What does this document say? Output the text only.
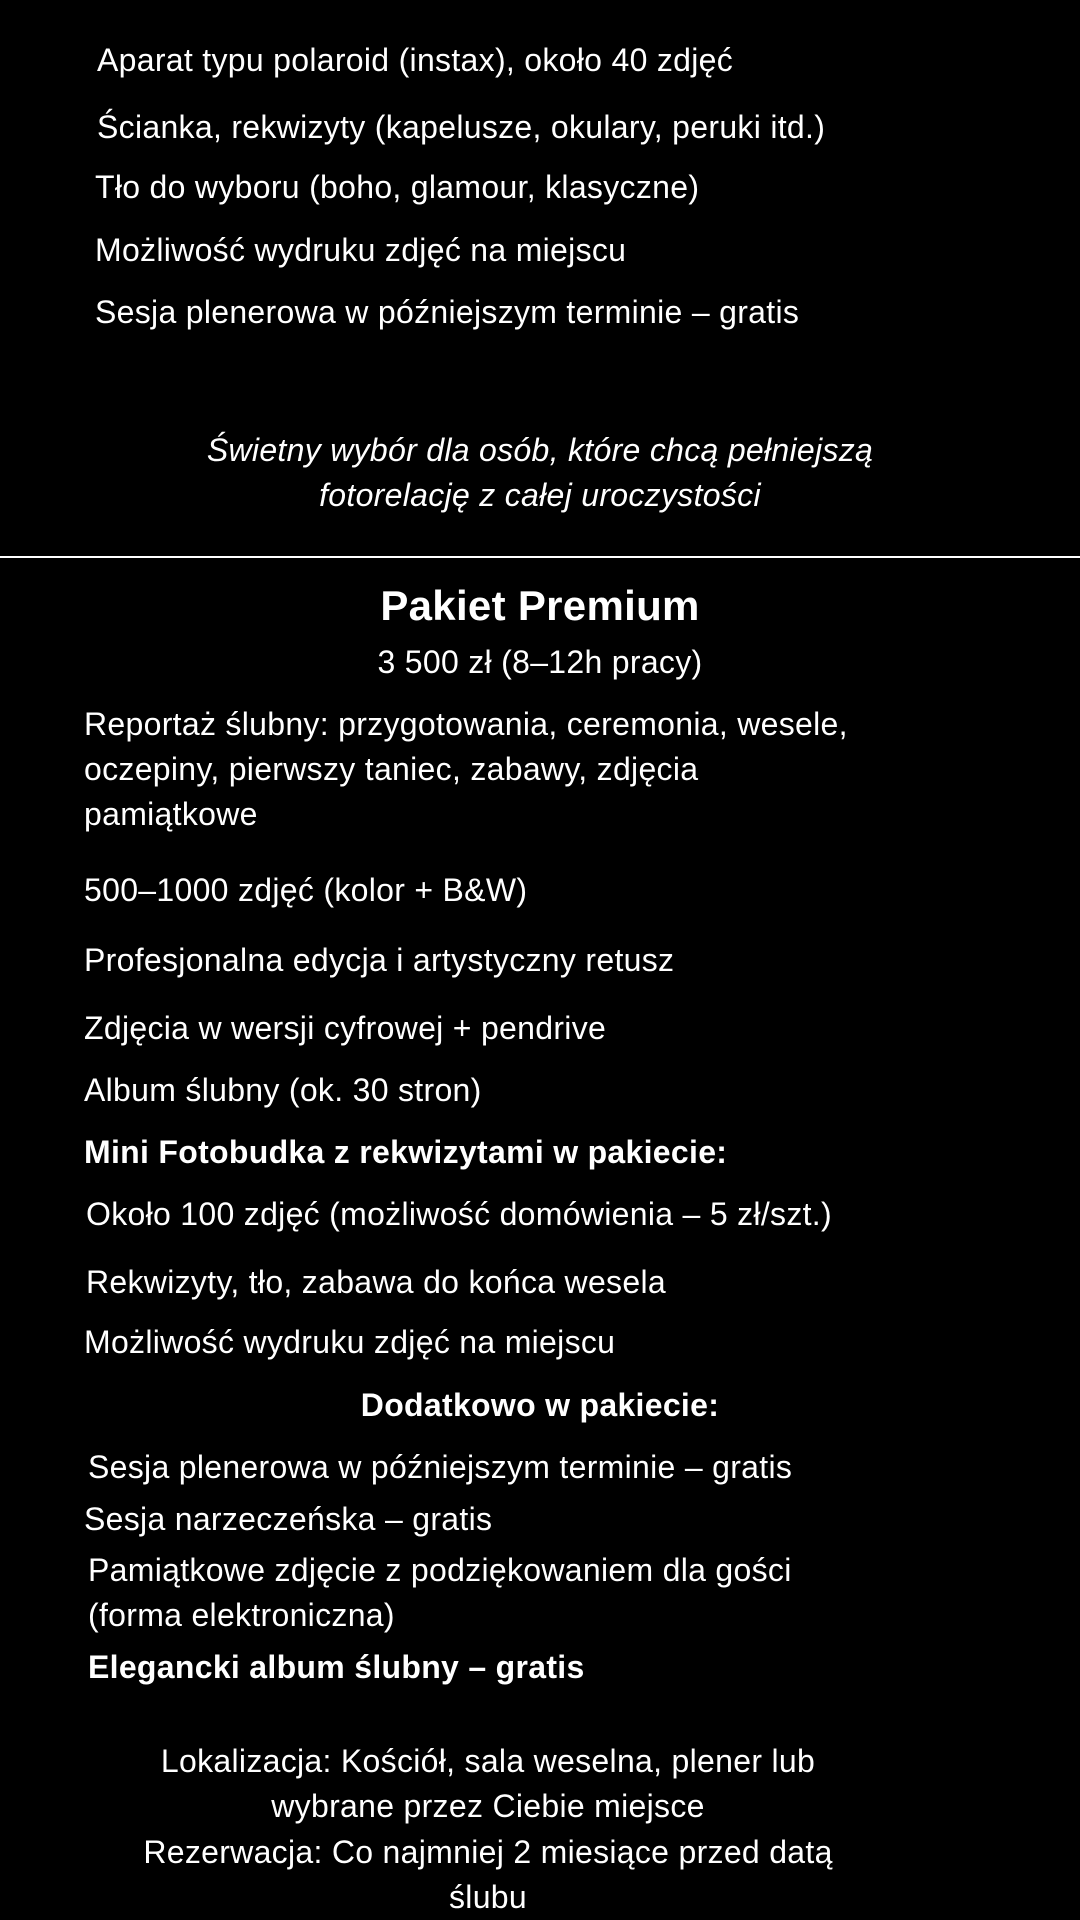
Aparat typu polaroid (instax), około 40 zdjęć
Ścianka, rekwizyty (kapelusze, okulary, peruki itd.)
Tło do wyboru (boho, glamour, klasyczne)
Możliwość wydruku zdjęć na miejscu
Sesja plenerowa w późniejszym terminie – gratis
Świetny wybór dla osób, które chcą pełniejszą
fotorelację z całej uroczystości
Pakiet Premium
3 500 zł (8–12h pracy)
Reportaż ślubny: przygotowania, ceremonia, wesele,
oczepiny, pierwszy taniec, zabawy, zdjęcia
pamiątkowe
500–1000 zdjęć (kolor + B&W)
Profesjonalna edycja i artystyczny retusz
Zdjęcia w wersji cyfrowej + pendrive
Album ślubny (ok. 30 stron)
Mini Fotobudka z rekwizytami w pakiecie:
Około 100 zdjęć (możliwość domówienia – 5 zł/szt.)
Rekwizyty, tło, zabawa do końca wesela
Możliwość wydruku zdjęć na miejscu
Dodatkowo w pakiecie:
Sesja plenerowa w późniejszym terminie – gratis
Sesja narzeczeńska – gratis
Pamiątkowe zdjęcie z podziękowaniem dla gości
(forma elektroniczna)
Elegancki album ślubny – gratis
Lokalizacja: Kościół, sala weselna, plener lub
wybrane przez Ciebie miejsce
Rezerwacja: Co najmniej 2 miesiące przed datą
ślubu
